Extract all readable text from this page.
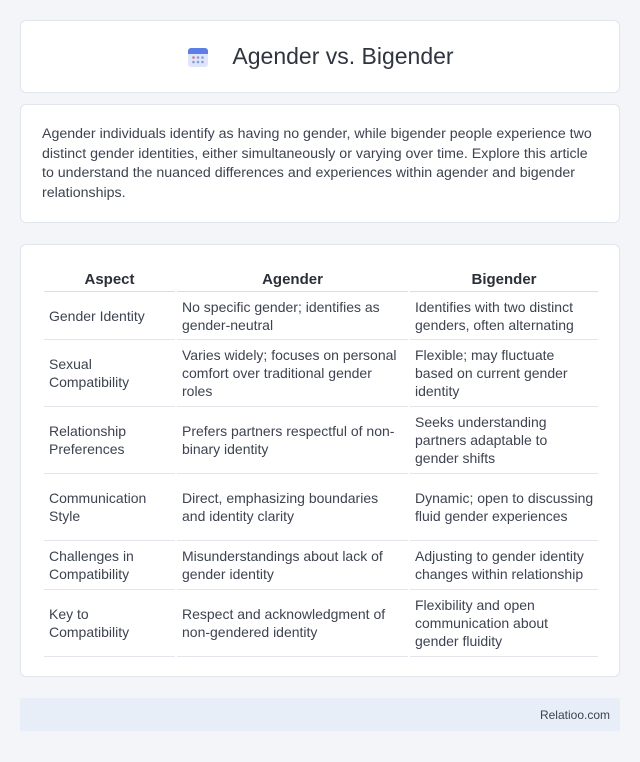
Agender vs. Bigender

Agender individuals identify as having no gender, while bigender people experience two distinct gender identities, either simultaneously or varying over time. Explore this article to understand the nuanced differences and experiences within agender and bigender relationships.

Aspect	Agender	Bigender
Gender Identity	No specific gender; identifies as gender-neutral	Identifies with two distinct genders, often alternating
Sexual Compatibility	Varies widely; focuses on personal comfort over traditional gender roles	Flexible; may fluctuate based on current gender identity
Relationship Preferences	Prefers partners respectful of non-binary identity	Seeks understanding partners adaptable to gender shifts
Communication Style	Direct, emphasizing boundaries and identity clarity	Dynamic; open to discussing fluid gender experiences
Challenges in Compatibility	Misunderstandings about lack of gender identity	Adjusting to gender identity changes within relationship
Key to Compatibility	Respect and acknowledgment of non-gendered identity	Flexibility and open communication about gender fluidity
Relatioo.com
